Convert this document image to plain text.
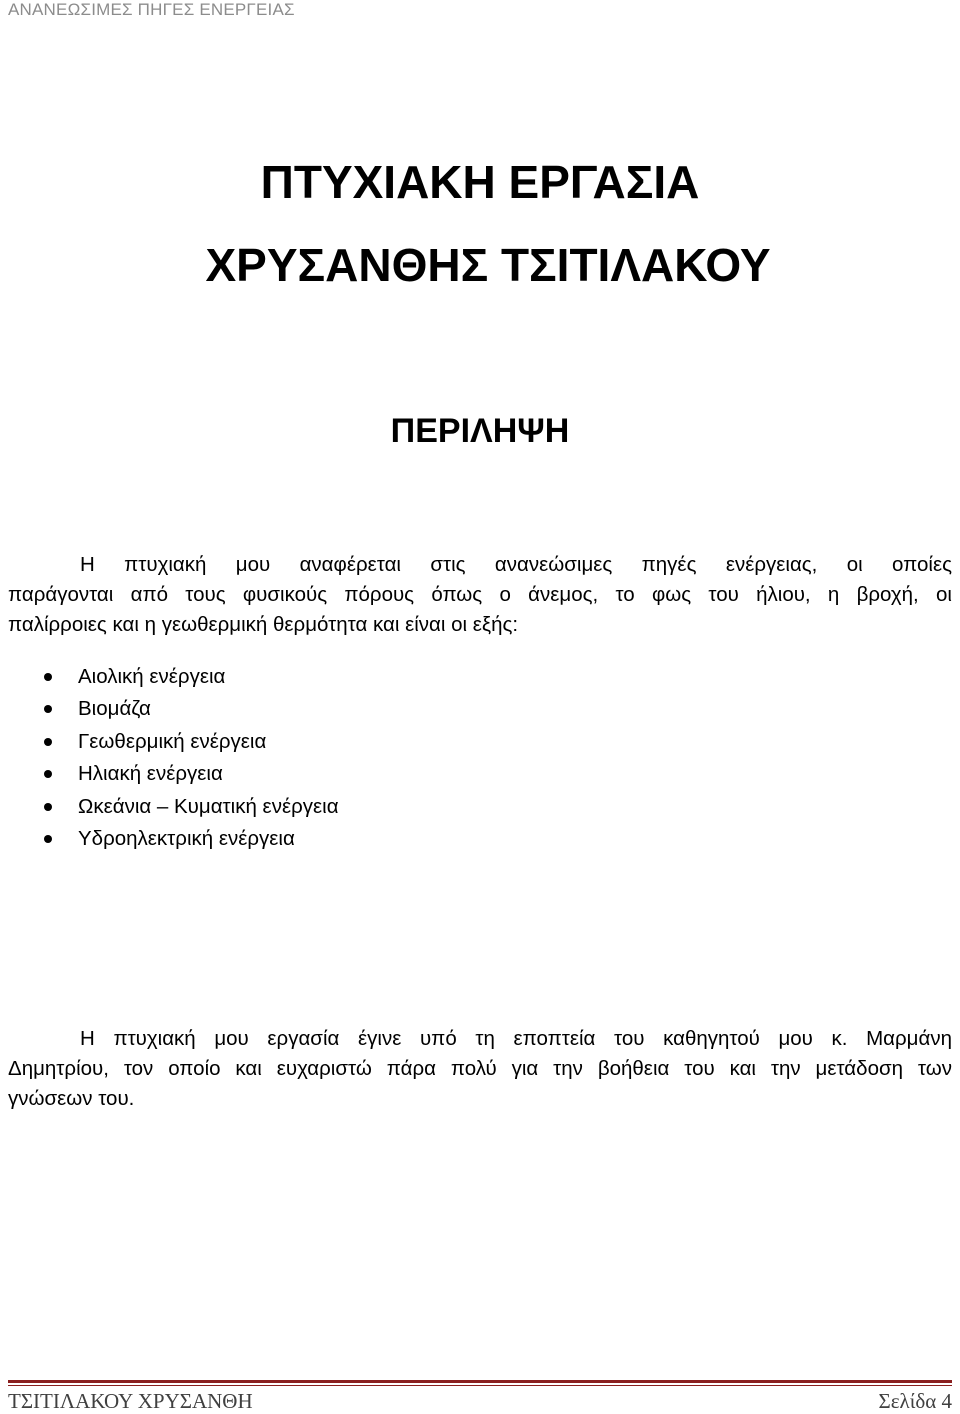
ΑΝΑΝΕΩΣΙΜΕΣ ΠΗΓΕΣ ΕΝΕΡΓΕΙΑΣ
ΠΤΥΧΙΑΚΗ ΕΡΓΑΣΙΑ
ΧΡΥΣΑΝΘΗΣ ΤΣΙΤΙΛΑΚΟΥ
ΠΕΡΙΛΗΨΗ
Η πτυχιακή μου αναφέρεται στις ανανεώσιμες πηγές ενέργειας, οι οποίες
παράγονται από τους φυσικούς πόρους όπως ο άνεμος, το φως του ήλιου, η βροχή, οι
παλίρροιες και η γεωθερμική θερμότητα και είναι οι εξής:
Αιολική ενέργεια
Βιομάζα
Γεωθερμική ενέργεια
Ηλιακή ενέργεια
Ωκεάνια – Κυματική ενέργεια
Υδροηλεκτρική ενέργεια
Η πτυχιακή μου εργασία έγινε υπό τη εποπτεία του καθηγητού μου κ. Μαρμάνη
Δημητρίου, τον οποίο και ευχαριστώ πάρα πολύ για την βοήθεια του και την μετάδοση των
γνώσεων του.
ΤΣΙΤΙΛΑΚΟΥ ΧΡΥΣΑΝΘΗ	Σελίδα 4
